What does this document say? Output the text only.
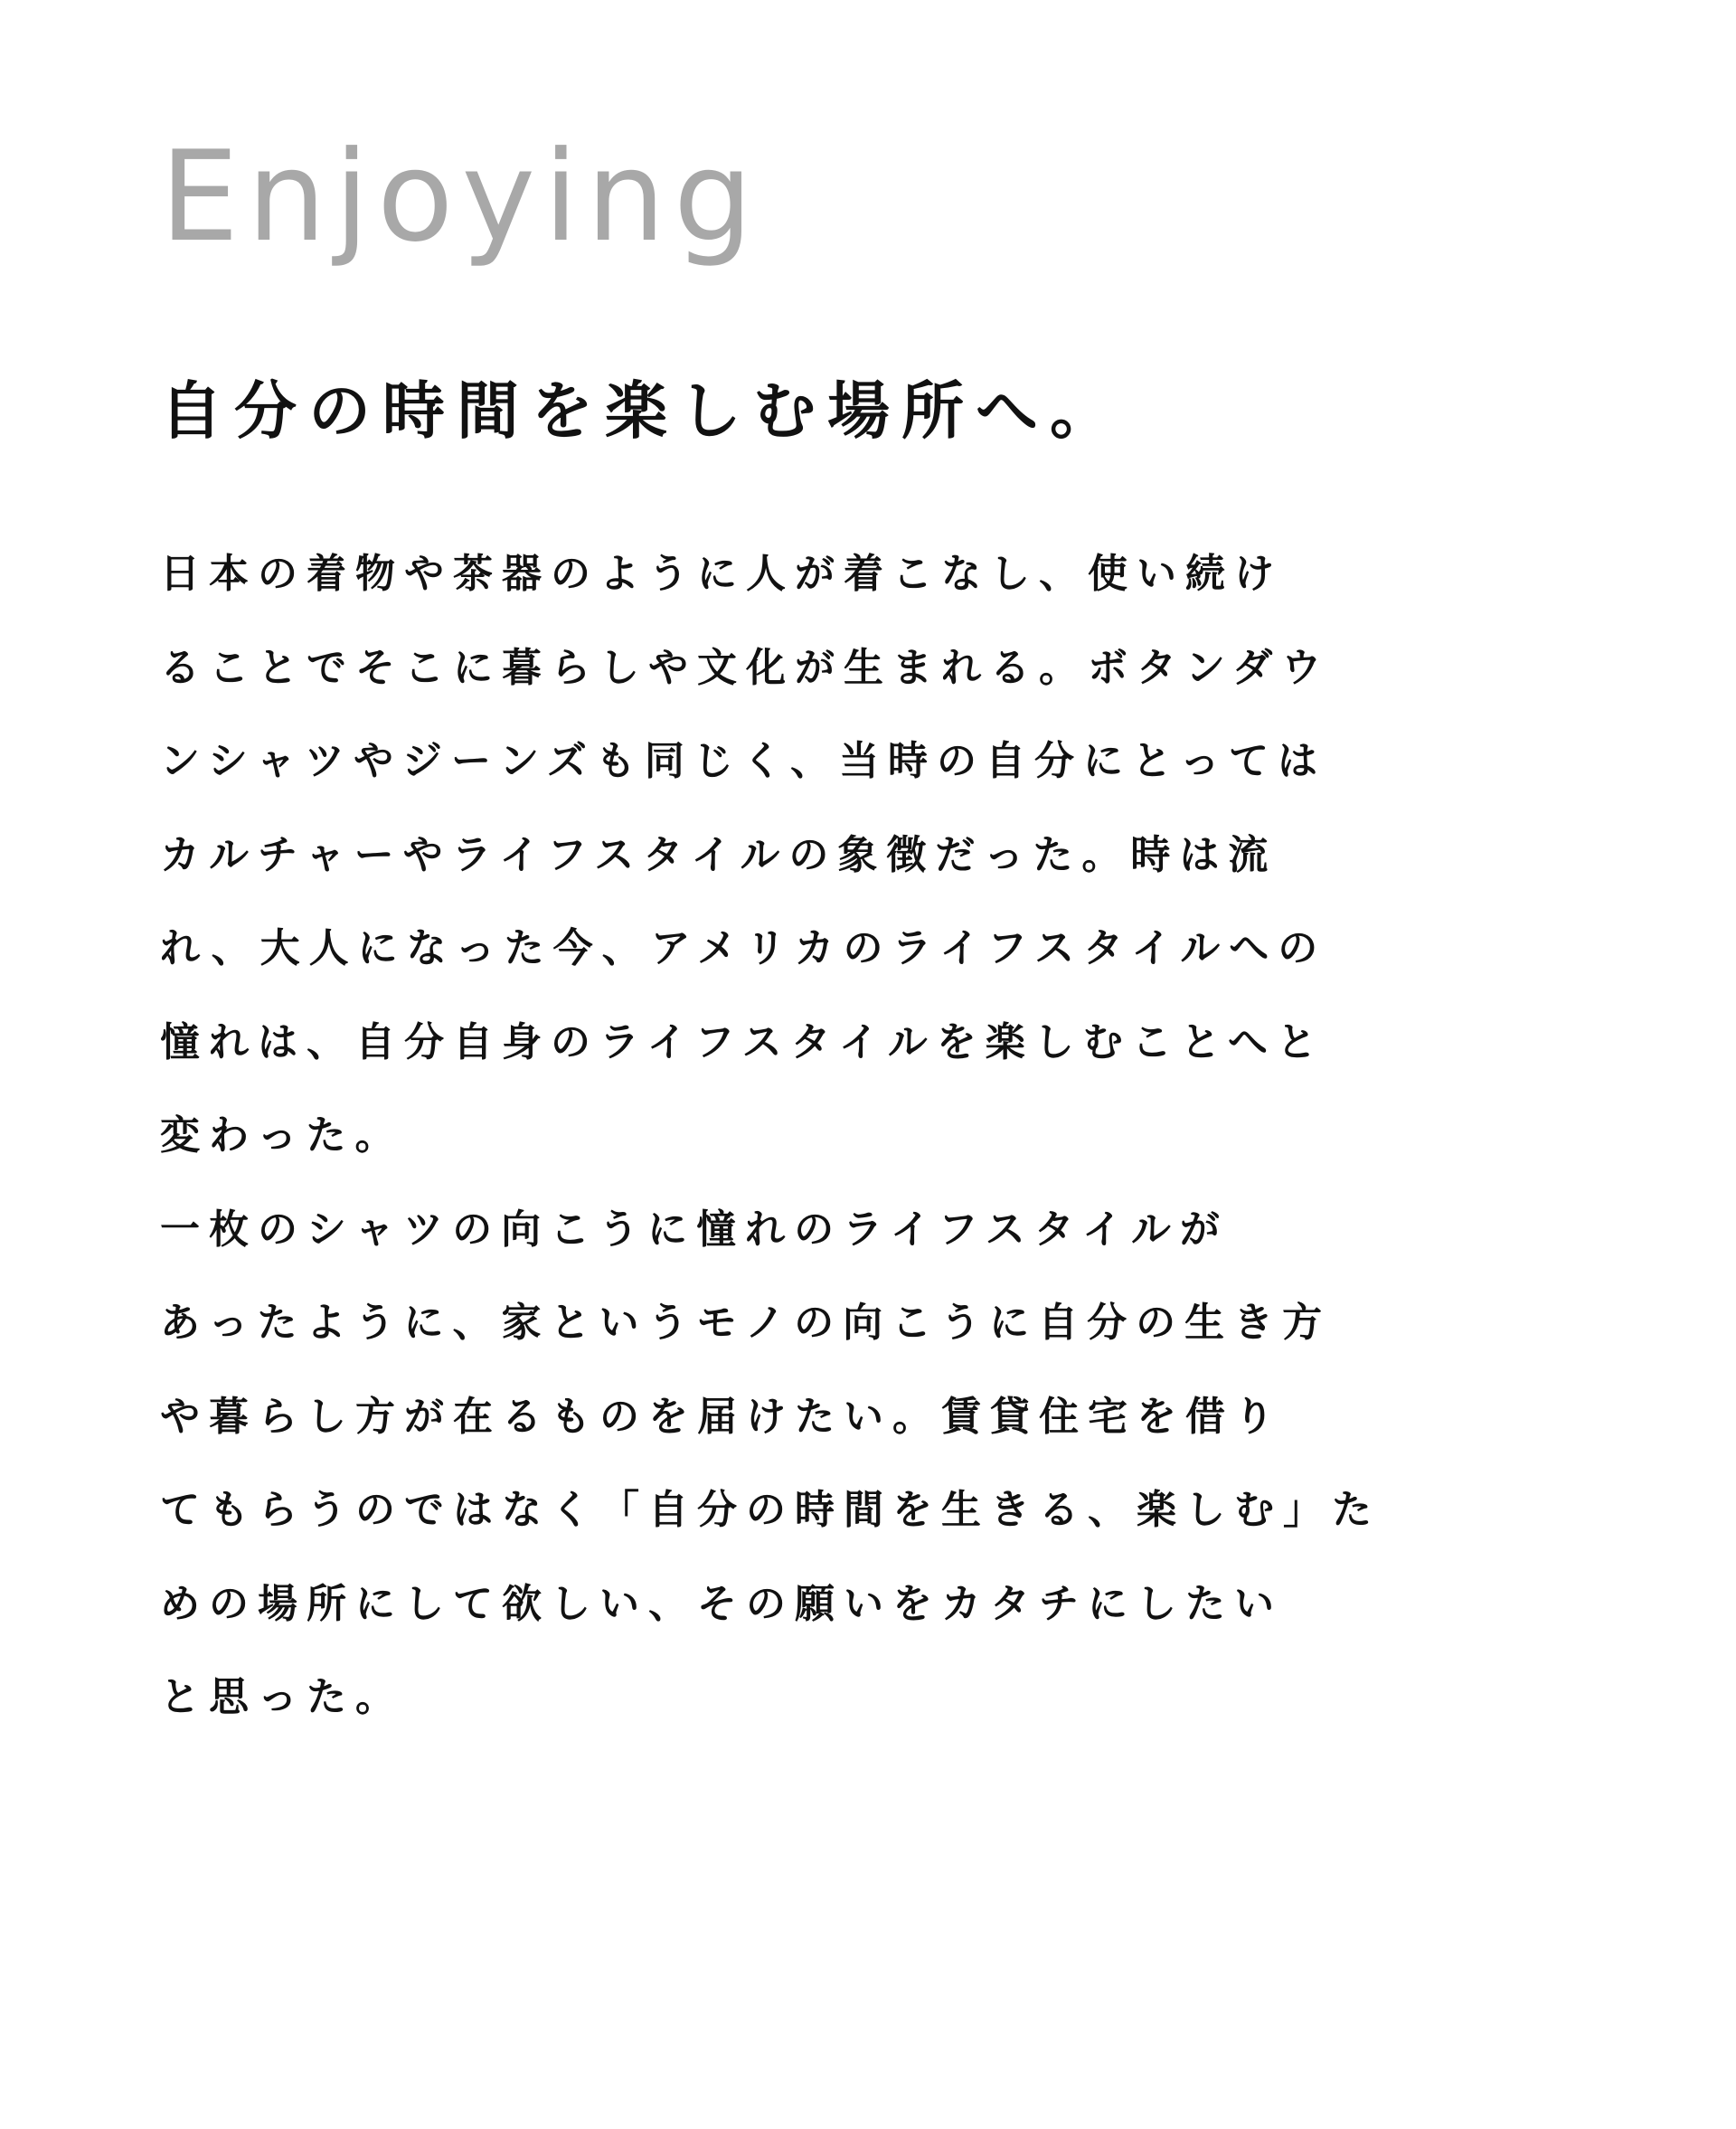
Enjoying
自分の時間を楽しむ場所へ。
日本の着物や茶器のように人が着こなし、使い続け
ることでそこに暮らしや文化が生まれる。ボタンダウ
ンシャツやジーンズも同じく、当時の自分にとっては
カルチャーやライフスタイルの象徴だった。時は流
れ、大人になった今、アメリカのライフスタイルへの
憧れは、自分自身のライフスタイルを楽しむことへと
変わった。
一枚のシャツの向こうに憧れのライフスタイルが
あったように、家というモノの向こうに自分の生き方
や暮らし方が在るものを届けたい。賃貸住宅を借り
てもらうのではなく「自分の時間を生きる、楽しむ」た
めの場所にして欲しい、その願いをカタチにしたい
と思った。
